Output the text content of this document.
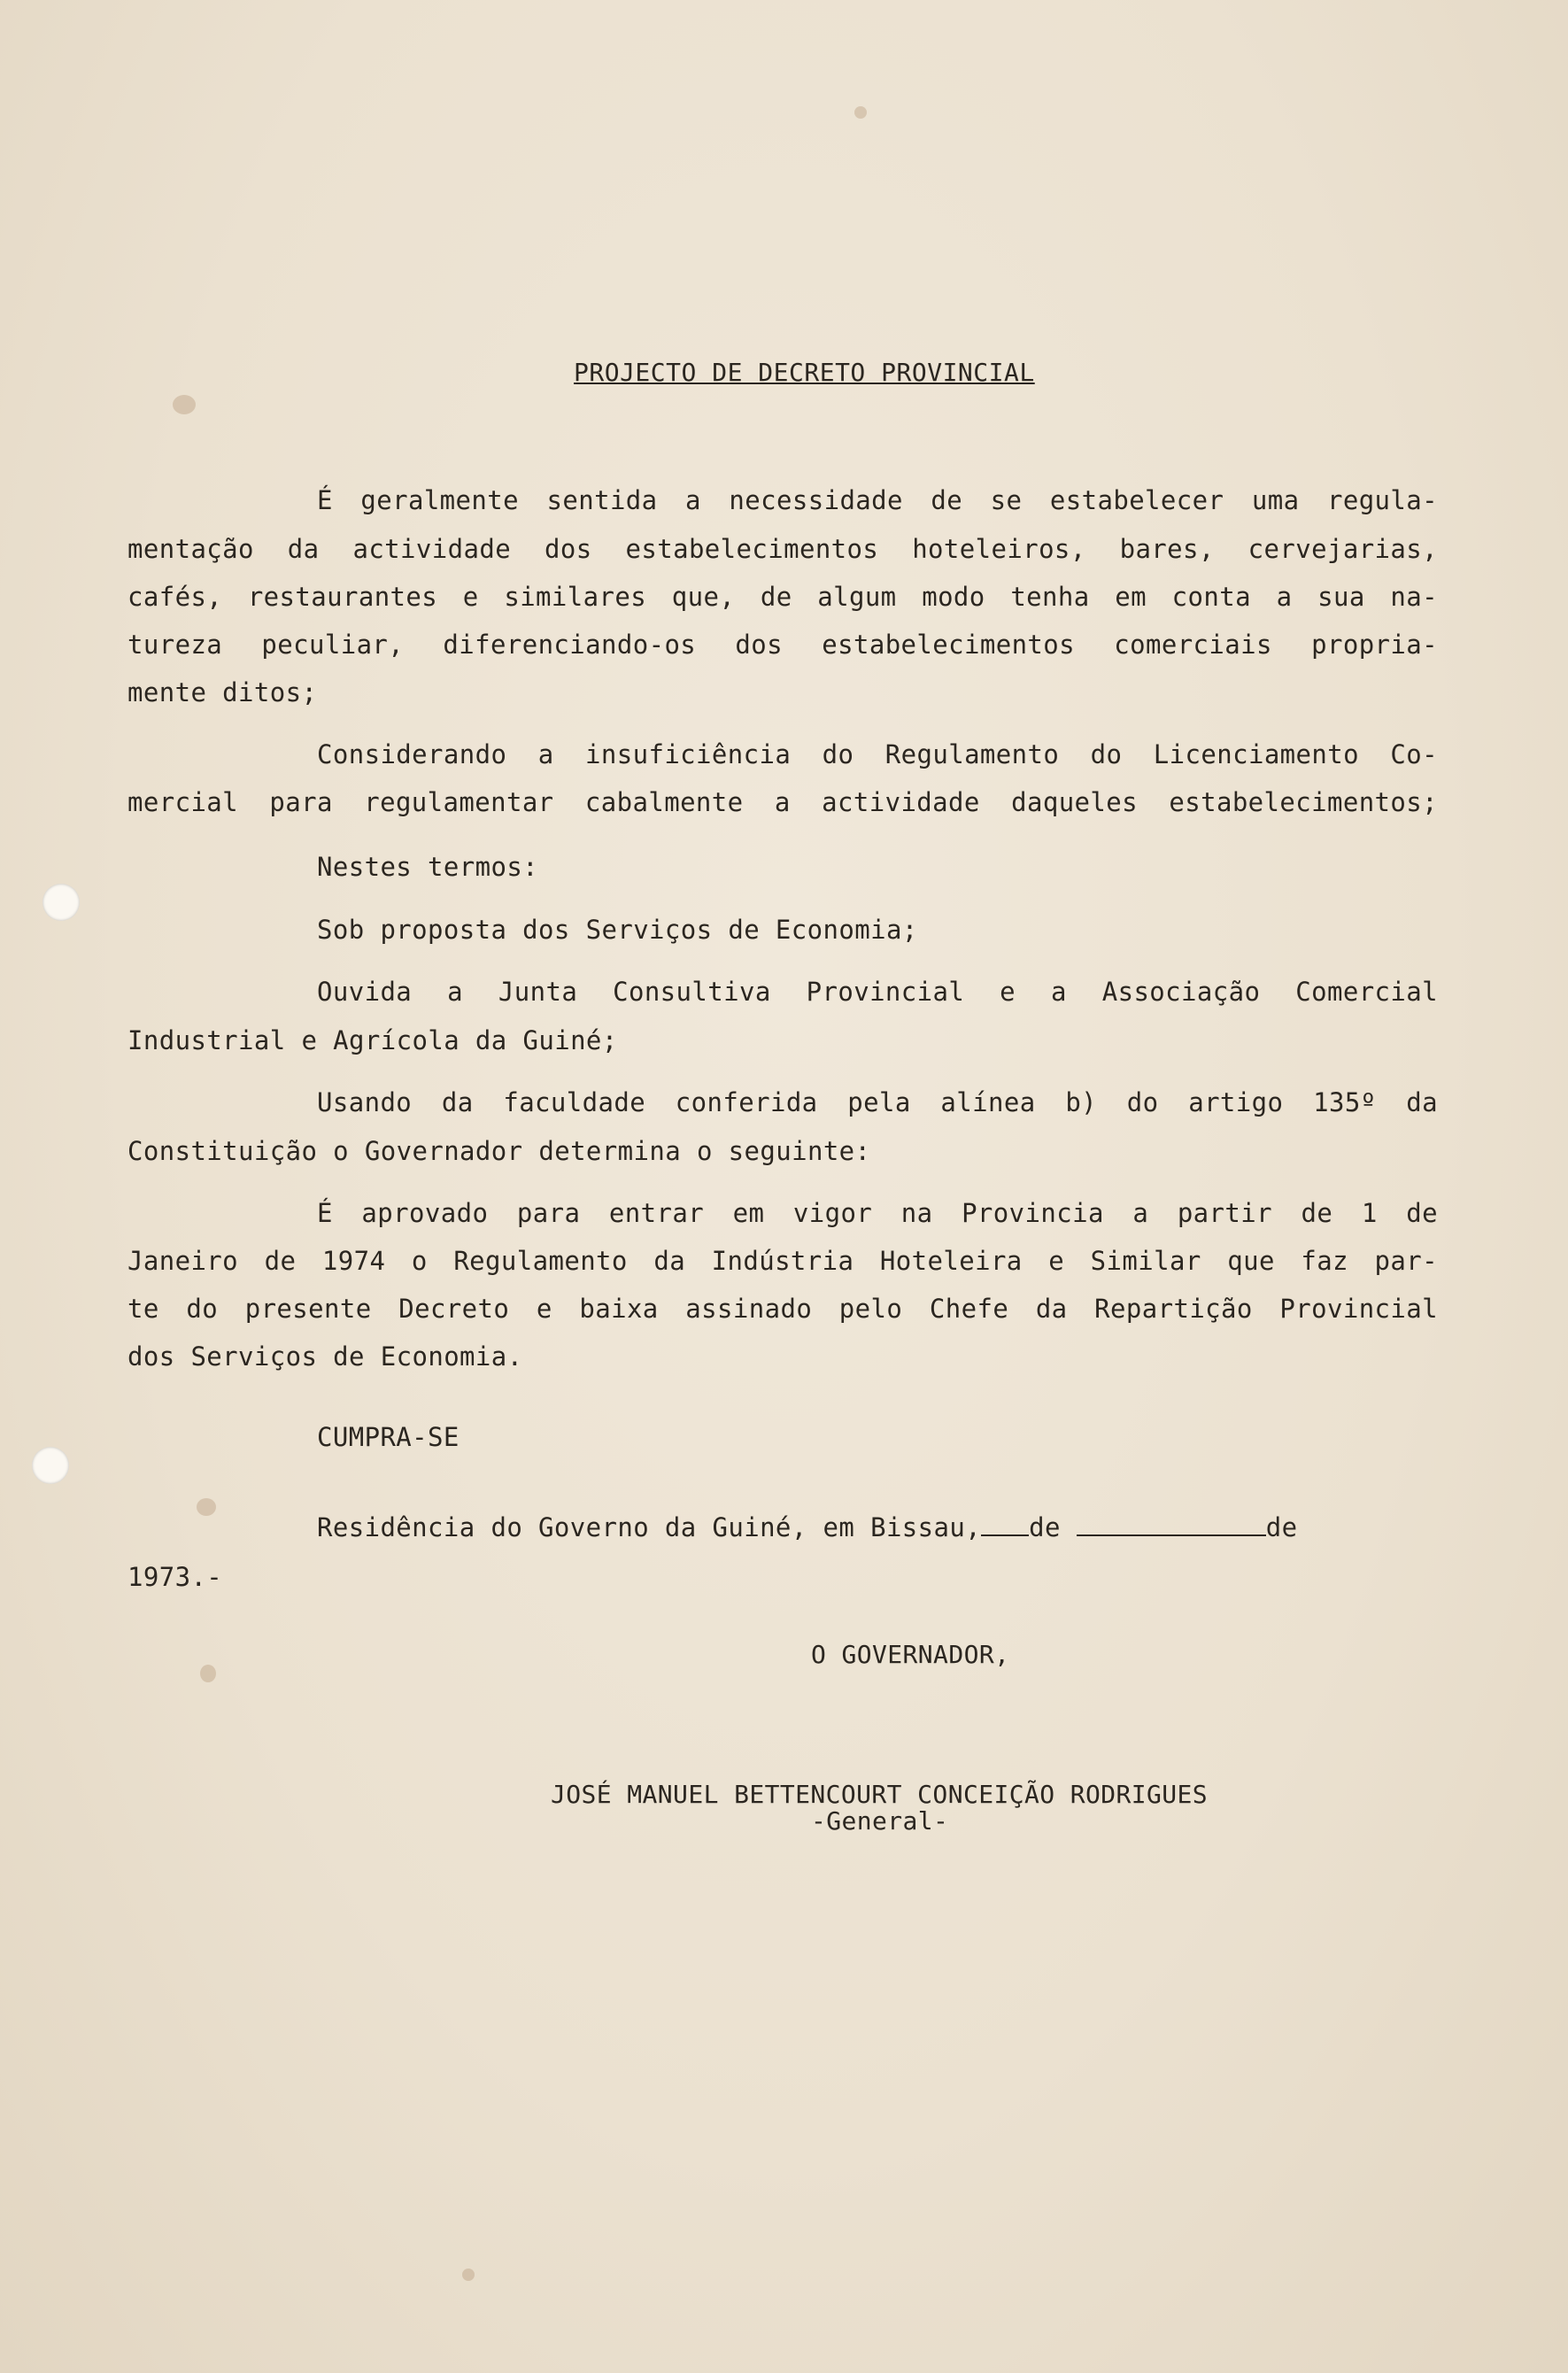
PROJECTO DE DECRETO PROVINCIAL
É geralmente sentida a necessidade de se estabelecer uma regula-
mentação da actividade dos estabelecimentos hoteleiros, bares, cervejarias,
cafés, restaurantes e similares que, de algum modo tenha em conta a sua na-
tureza peculiar, diferenciando-os dos estabelecimentos comerciais propria-
mente ditos;
Considerando a insuficiência do Regulamento do Licenciamento Co-
mercial para regulamentar cabalmente a actividade daqueles estabelecimentos;
Nestes termos:
Sob proposta dos Serviços de Economia;
Ouvida a Junta Consultiva Provincial e a Associação Comercial
Industrial e Agrícola da Guiné;
Usando da faculdade conferida pela alínea b) do artigo 135º da
Constituição o Governador determina o seguinte:
É aprovado para entrar em vigor na Provincia a partir de 1 de
Janeiro de 1974 o Regulamento da Indústria Hoteleira e Similar que faz par-
te do presente Decreto e baixa assinado pelo Chefe da Repartição Provincial
dos Serviços de Economia.
CUMPRA-SE
Residência do Governo da Guiné, em Bissau, de	de
1973.-
O GOVERNADOR,
JOSÉ MANUEL BETTENCOURT CONCEIÇÃO RODRIGUES
-General-
